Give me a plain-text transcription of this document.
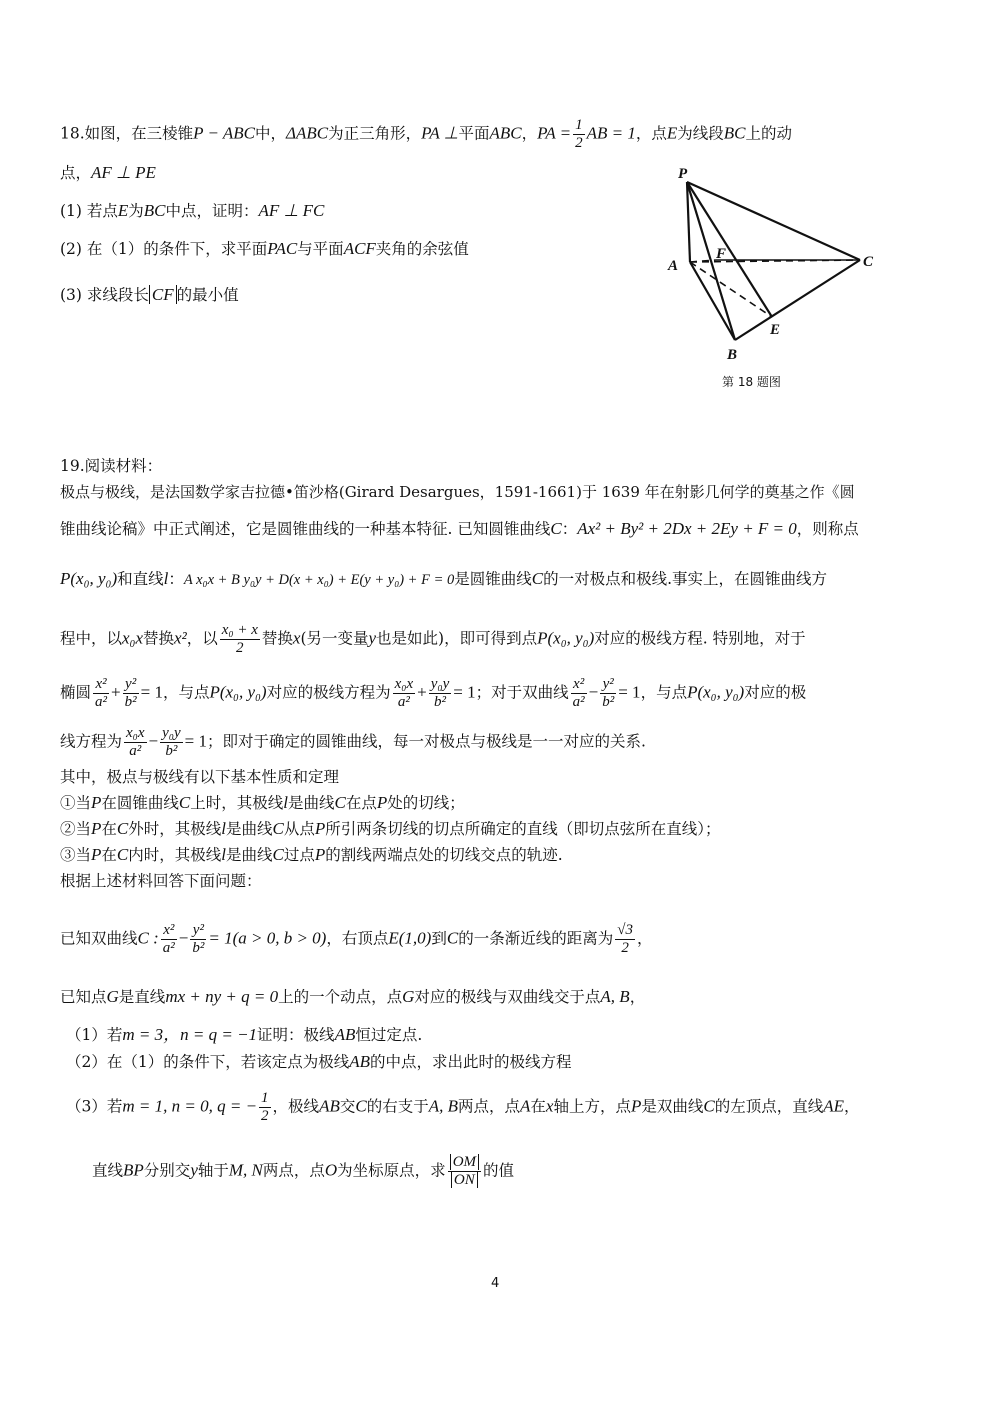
18.如图，在三棱锥P − ABC中，ΔABC为正三角形，PA ⊥平面ABC，PA = $\frac{1}{2}$ AB = 1，点E为线段BC上的动
点，AF ⊥ PE
(1) 若点E为BC中点，证明：AF ⊥ FC
(2) 在（1）的条件下，求平面PAC与平面ACF夹角的余弦值
(3) 求线段长 CF 的最小值
P
A
B
C
E
F
第 18 题图
19.阅读材料：
极点与极线，是法国数学家吉拉德•笛沙格(Girard Desargues，1591-1661)于 1639 年在射影几何学的奠基之作《圆
锥曲线论稿》中正式阐述，它是圆锥曲线的一种基本特征. 已知圆锥曲线C：Ax² + By² + 2Dx + 2Ey + F = 0，则称点
P(x₀, y₀)和直线l：A x₀x + B y₀y + D(x + x₀) + E(y + y₀) + F = 0是圆锥曲线C的一对极点和极线.事实上，在圆锥曲线方
程中，以x₀x替换x²，以 $\frac{\text{x₀ + x}}{2}$ 替换x(另一变量y也是如此)，即可得到点P(x₀, y₀)对应的极线方程. 特别地，对于
椭圆 $\frac{\text{x²}}{\text{a²}} + \frac{\text{y²}}{\text{b²}} = 1$，与点P(x₀, y₀)对应的极线方程为 $\frac{\text{x₀x}}{\text{a²}} + \frac{\text{y₀y}}{\text{b²}} = 1$；对于双曲线 $\frac{\text{x²}}{\text{a²}} - \frac{\text{y²}}{\text{b²}} = 1$，与点P(x₀, y₀)对应的极
线方程为 $\frac{\text{x₀x}}{\text{a²}} - \frac{\text{y₀y}}{\text{b²}} = 1$；即对于确定的圆锥曲线，每一对极点与极线是一一对应的关系.
其中，极点与极线有以下基本性质和定理
①当P在圆锥曲线C上时，其极线l是曲线C在点P处的切线；
②当P在C外时，其极线l是曲线C从点P所引两条切线的切点所确定的直线（即切点弦所在直线）；
③当P在C内时，其极线l是曲线C过点P的割线两端点处的切线交点的轨迹.
根据上述材料回答下面问题：
已知双曲线C : $\frac{\text{x²}}{\text{a²}} - \frac{\text{y²}}{\text{b²}} = 1(a > 0$, b > 0)，右顶点E(1,0)到C的一条渐近线的距离为 $\frac{√3}{2}$ ，
已知点G是直线mx + ny + q = 0上的一个动点，点G对应的极线与双曲线交于点A, B，
（1）若m = 3，n = q = −1证明：极线AB恒过定点.
（2）在（1）的条件下，若该定点为极线AB的中点，求出此时的极线方程
（3）若m = 1, n = 0, q = − $\frac{1}{2}$ ，极线AB交C的右支于A, B两点，点A在x轴上方，点P是双曲线C的左顶点，直线AE，
直线BP分别交y轴于M, N两点，点O为坐标原点，求 $\frac{OM}{ON}$ 的值
4
